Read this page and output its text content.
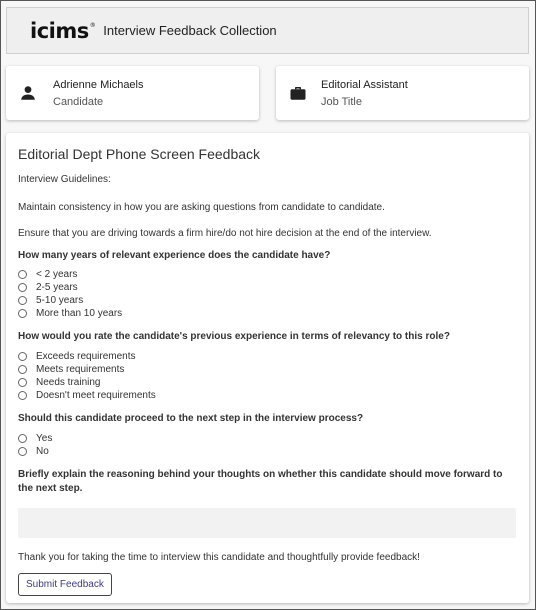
icims® Interview Feedback Collection
Adrienne Michaels
Candidate
Editorial Assistant
Job Title
Editorial Dept Phone Screen Feedback
Interview Guidelines:
Maintain consistency in how you are asking questions from candidate to candidate.
Ensure that you are driving towards a firm hire/do not hire decision at the end of the interview.
How many years of relevant experience does the candidate have?
< 2 years
2-5 years
5-10 years
More than 10 years
How would you rate the candidate's previous experience in terms of relevancy to this role?
Exceeds requirements
Meets requirements
Needs training
Doesn't meet requirements
Should this candidate proceed to the next step in the interview process?
Yes
No
Briefly explain the reasoning behind your thoughts on whether this candidate should move forward to the next step.
Thank you for taking the time to interview this candidate and thoughtfully provide feedback!
Submit Feedback
